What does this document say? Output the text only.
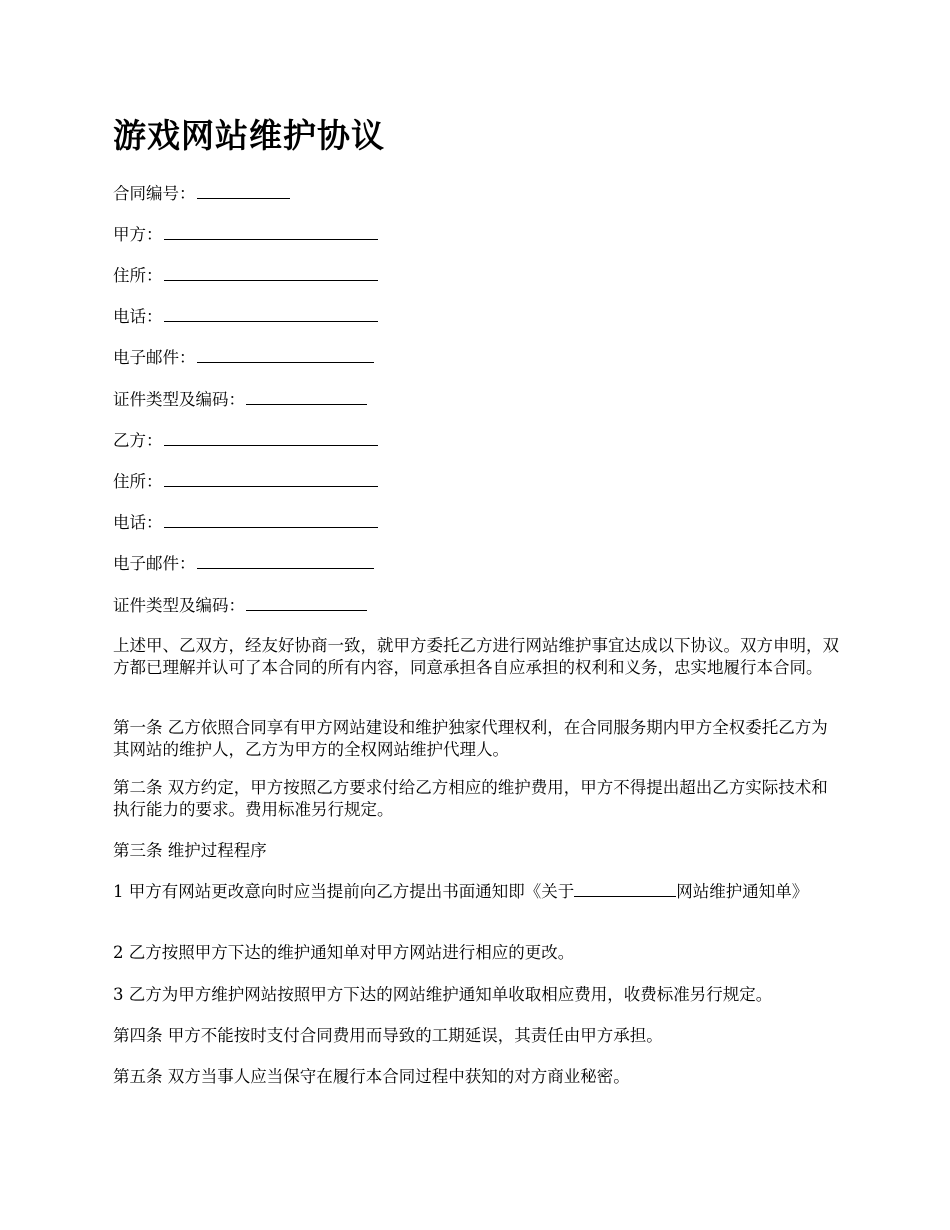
游戏网站维护协议
合同编号：
甲方：
住所：
电话：
电子邮件：
证件类型及编码：
乙方：
住所：
电话：
电子邮件：
证件类型及编码：

上述甲、乙双方，经友好协商一致，就甲方委托乙方进行网站维护事宜达成以下协议。双方申明，双方都已理解并认可了本合同的所有内容，同意承担各自应承担的权利和义务，忠实地履行本合同。

第一条 乙方依照合同享有甲方网站建设和维护独家代理权利，在合同服务期内甲方全权委托乙方为其网站的维护人，乙方为甲方的全权网站维护代理人。

第二条 双方约定，甲方按照乙方要求付给乙方相应的维护费用，甲方不得提出超出乙方实际技术和执行能力的要求。费用标准另行规定。

第三条 维护过程程序

1 甲方有网站更改意向时应当提前向乙方提出书面通知即《关于	网站维护通知单》

2 乙方按照甲方下达的维护通知单对甲方网站进行相应的更改。

3 乙方为甲方维护网站按照甲方下达的网站维护通知单收取相应费用，收费标准另行规定。

第四条 甲方不能按时支付合同费用而导致的工期延误，其责任由甲方承担。

第五条 双方当事人应当保守在履行本合同过程中获知的对方商业秘密。
